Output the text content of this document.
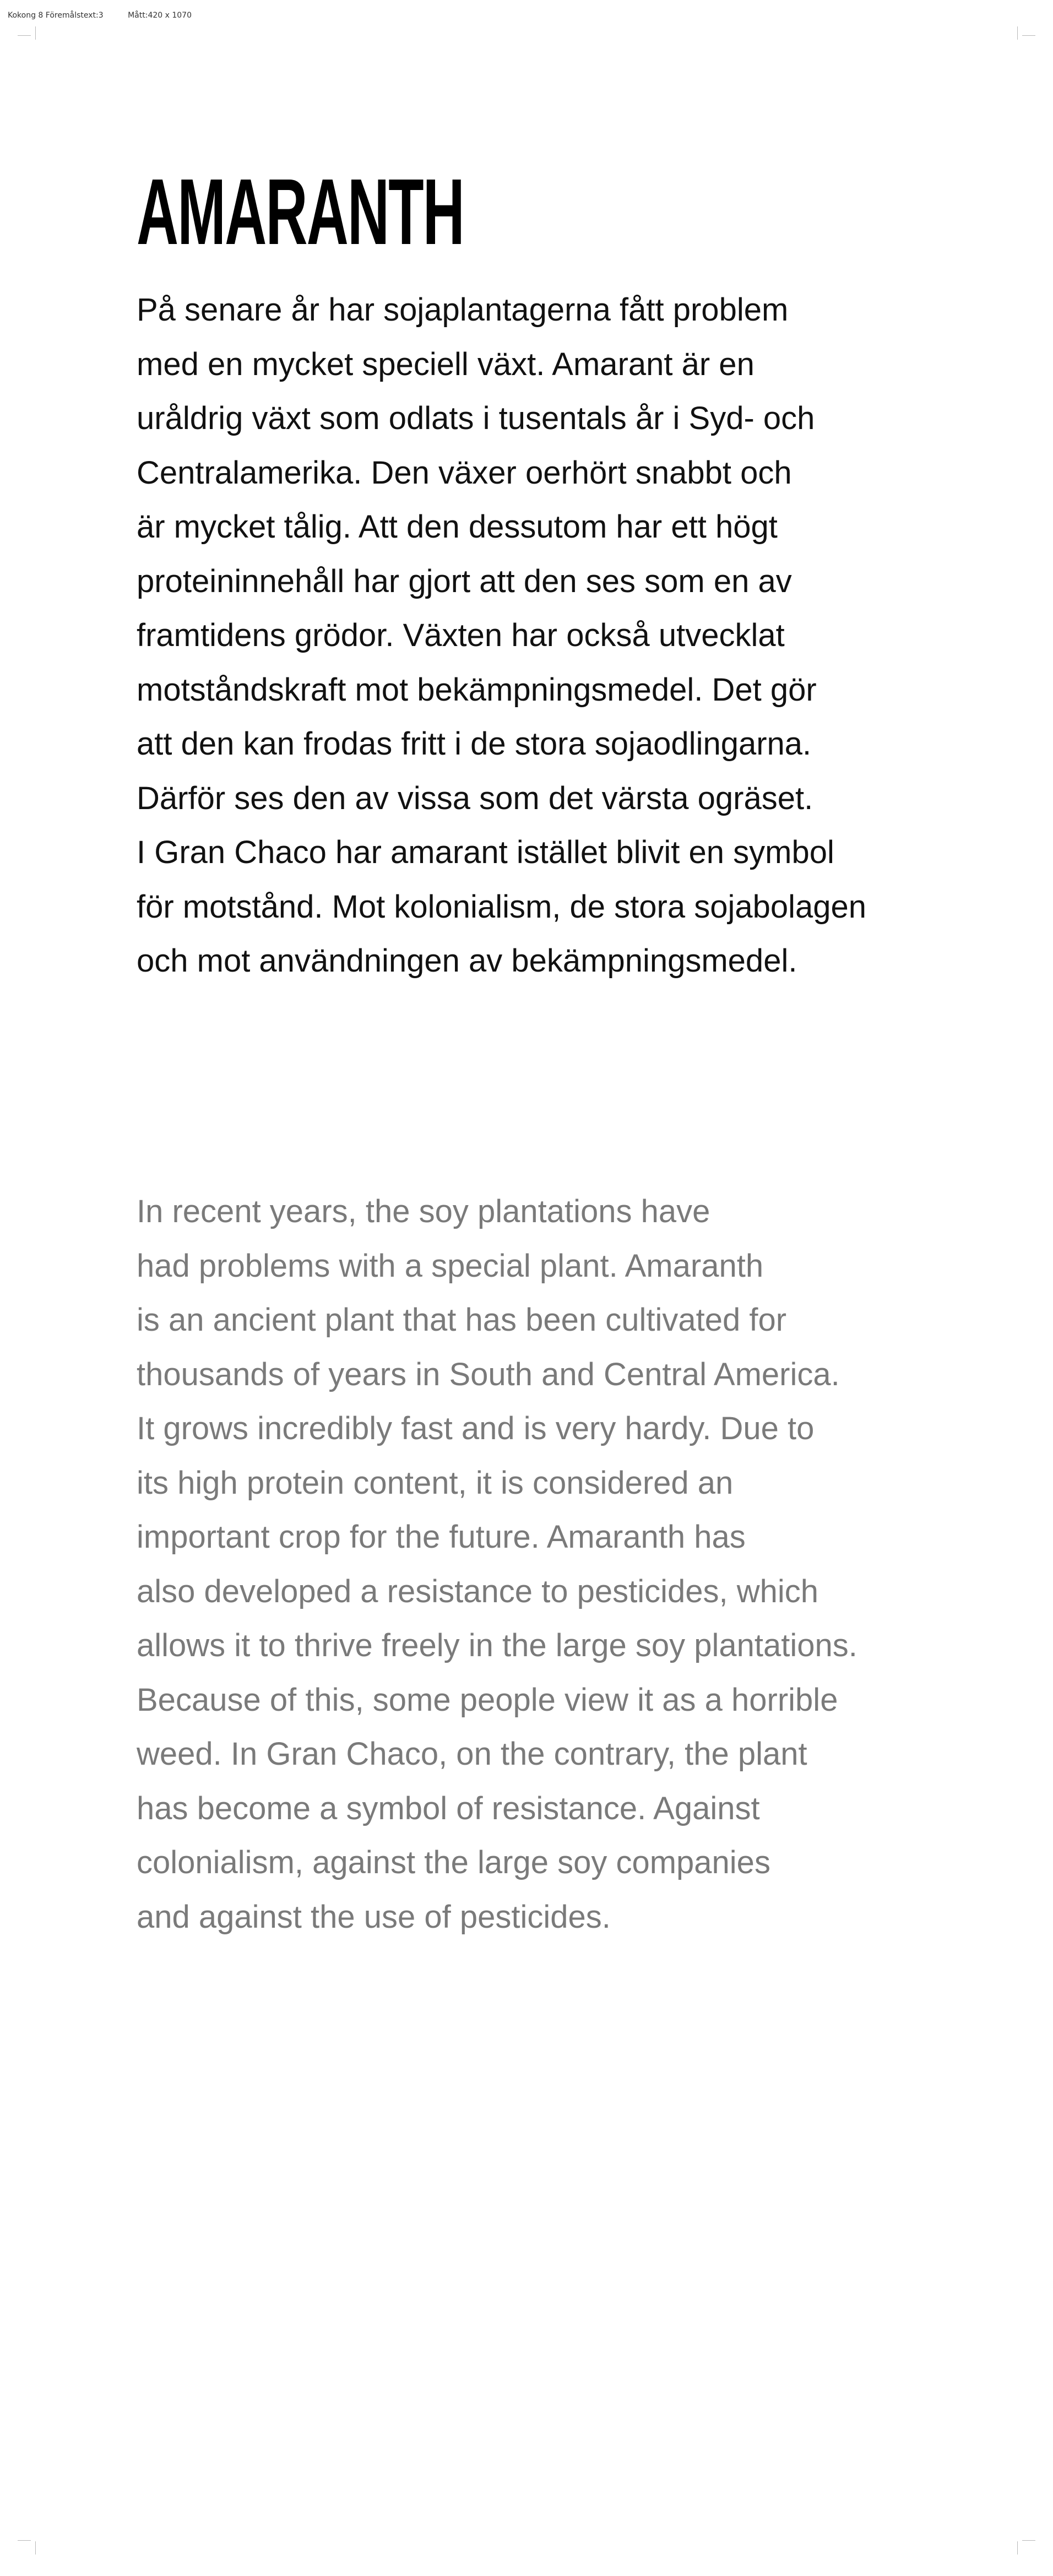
Kokong 8 Föremålstext:3	Mått:420 x 1070
AMARANTH
På senare år har sojaplantagerna fått problem
med en mycket speciell växt. Amarant är en
uråldrig växt som odlats i tusentals år i Syd- och
Centralamerika. Den växer oerhört snabbt och
är mycket tålig. Att den dessutom har ett högt
proteininnehåll har gjort att den ses som en av
framtidens grödor. Växten har också utvecklat
motståndskraft mot bekämpningsmedel. Det gör
att den kan frodas fritt i de stora sojaodlingarna.
Därför ses den av vissa som det värsta ogräset.
I Gran Chaco har amarant istället blivit en symbol
för motstånd. Mot kolonialism, de stora sojabolagen
och mot användningen av bekämpningsmedel.
In recent years, the soy plantations have
had problems with a special plant. Amaranth
is an ancient plant that has been cultivated for
thousands of years in South and Central America.
It grows incredibly fast and is very hardy. Due to
its high protein content, it is considered an
important crop for the future. Amaranth has
also developed a resistance to pesticides, which
allows it to thrive freely in the large soy plantations.
Because of this, some people view it as a horrible
weed. In Gran Chaco, on the contrary, the plant
has become a symbol of resistance. Against
colonialism, against the large soy companies
and against the use of pesticides.
